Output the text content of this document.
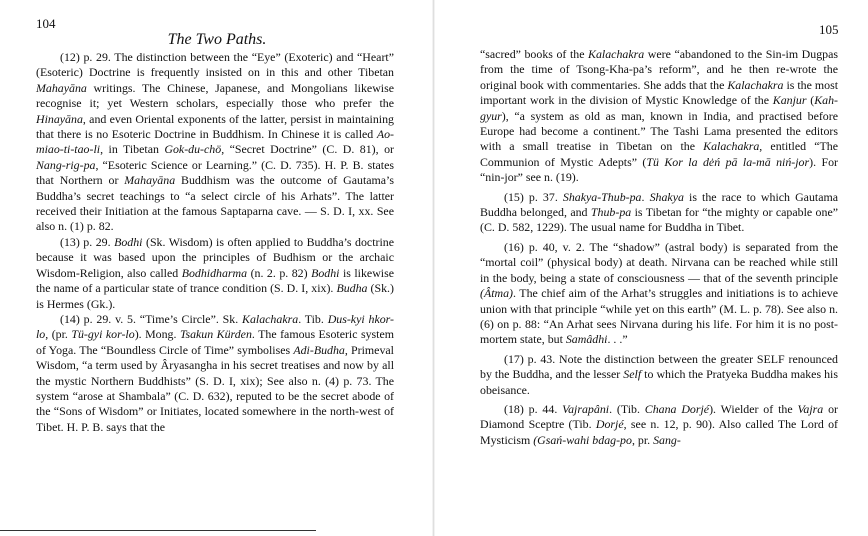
104
The Two Paths.

(12) p. 29. The distinction between the “Eye” (Exoteric) and “Heart” (Esoteric) Doctrine is frequently insisted on in this and other Tibetan Mahayāna writings. The Chinese, Japanese, and Mongolians likewise recognise it; yet Western scholars, especially those who prefer the Hinayāna, and even Oriental exponents of the latter, persist in maintaining that there is no Esoteric Doctrine in Buddhism. In Chinese it is called Ao-miao-ti-tao-li, in Tibetan Gok-du-chö, “Secret Doctrine” (C. D. 81), or Nang-rig-pa, “Esoteric Science or Learning.” (C. D. 735). H. P. B. states that Northern or Mahayāna Buddhism was the outcome of Gautama’s Buddha’s secret teachings to “a select circle of his Arhats”. The latter received their Initiation at the famous Saptaparna cave. — S. D. I, xx. See also n. (1) p. 82.

(13) p. 29. Bodhi (Sk. Wisdom) is often applied to Buddha’s doctrine because it was based upon the principles of Budhism or the archaic Wisdom-Religion, also called Bodhidharma (n. 2. p. 82) Bodhi is likewise the name of a particular state of trance condition (S. D. I, xix). Budha (Sk.) is Hermes (Gk.).

(14) p. 29. v. 5. “Time’s Circle”. Sk. Kalachakra. Tib. Dus-kyi hkor-lo, (pr. Tü-gyi kor-lo). Mong. Tsakun Kürden. The famous Esoteric system of Yoga. The “Boundless Circle of Time” symbolises Adi-Budha, Primeval Wisdom, “a term used by Âryasangha in his secret treatises and now by all the mystic Northern Buddhists” (S. D. I, xix); See also n. (4) p. 73. The system “arose at Shambala” (C. D. 632), reputed to be the secret abode of the “Sons of Wisdom” or Initiates, located somewhere in the north-west of Tibet. H. P. B. says that the

105

“sacred” books of the Kalachakra were “abandoned to the Sin-im Dugpas from the time of Tsong-Kha-pa’s reform”, and he then re-wrote the original book with commentaries. She adds that the Kalachakra is the most important work in the division of Mystic Knowledge of the Kanjur (Kah-gyur), “a system as old as man, known in India, and practised before Europe had become a continent.” The Tashi Lama presented the editors with a small treatise in Tibetan on the Kalachakra, entitled “The Communion of Mystic Adepts” (Tü Kor la dėń pā la-mā niń-jor). For “nin-jor” see n. (19).

(15) p. 37. Shakya-Thub-pa. Shakya is the race to which Gautama Buddha belonged, and Thub-pa is Tibetan for “the mighty or capable one” (C. D. 582, 1229). The usual name for Buddha in Tibet.

(16) p. 40, v. 2. The “shadow” (astral body) is separated from the “mortal coil” (physical body) at death. Nirvana can be reached while still in the body, being a state of consciousness — that of the seventh principle (Âtma). The chief aim of the Arhat’s struggles and initiations is to achieve union with that principle “while yet on this earth” (M. L. p. 78). See also n. (6) on p. 88: “An Arhat sees Nirvana during his life. For him it is no post-mortem state, but Samâdhi. . .”

(17) p. 43. Note the distinction between the greater SELF renounced by the Buddha, and the lesser Self to which the Pratyeka Buddha makes his obeisance.

(18) p. 44. Vajrapâni. (Tib. Chana Dorjé). Wielder of the Vajra or Diamond Sceptre (Tib. Dorjé, see n. 12, p. 90). Also called The Lord of Mysticism (Gsań-wahi bdag-po, pr. Sang-
